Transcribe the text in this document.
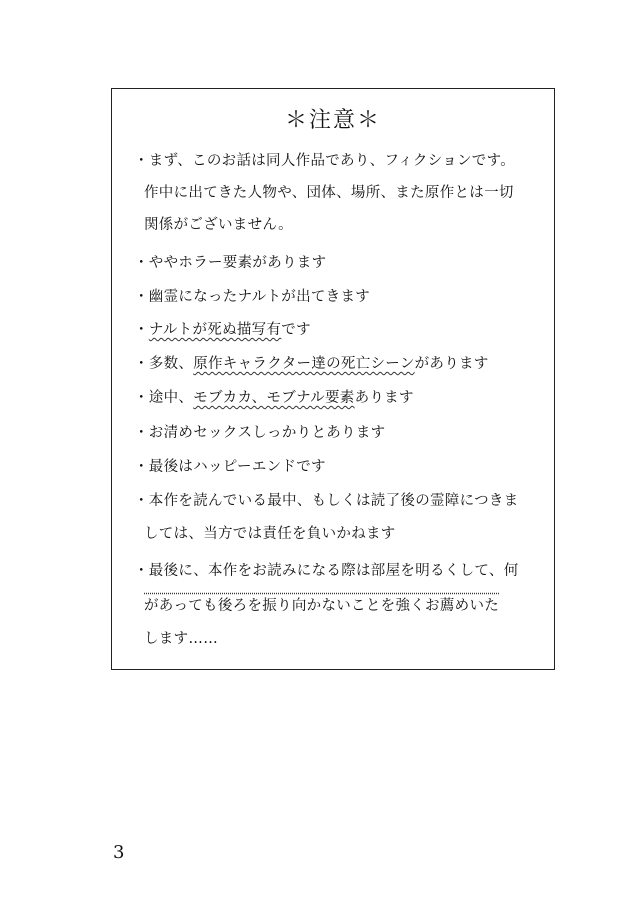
＊注意＊
・まず、このお話は同人作品であり、フィクションです。
作中に出てきた人物や、団体、場所、また原作とは一切
関係がございません。
・ややホラー要素があります
・幽霊になったナルトが出てきます
・ナルトが死ぬ描写有です
・多数、原作キャラクター達の死亡シーンがあります
・途中、モブカカ、モブナル要素あります
・お清めセックスしっかりとあります
・最後はハッピーエンドです
・本作を読んでいる最中、もしくは読了後の霊障につきま
しては、当方では責任を負いかねます
・最後に、本作をお読みになる際は部屋を明るくして、何
があっても後ろを振り向かないことを強くお薦めいた
します……
3
